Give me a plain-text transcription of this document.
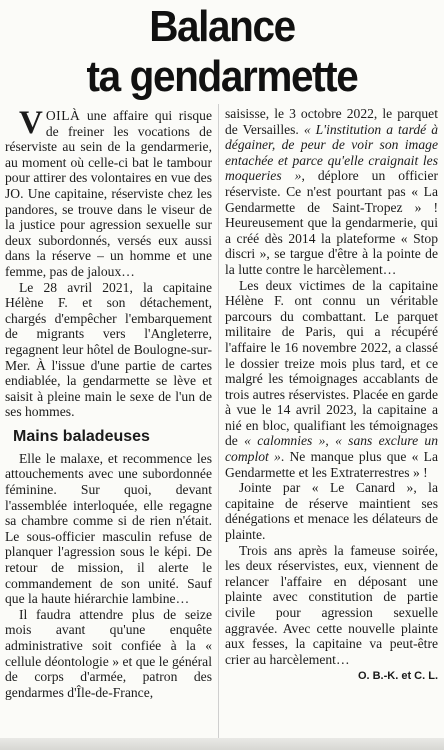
Balance
ta gendarmette

VOILÀ une affaire qui risque de freiner les vocations de réserviste au sein de la gendarmerie, au moment où celle-ci bat le tambour pour attirer des volontaires en vue des JO. Une capitaine, réserviste chez les pandores, se trouve dans le viseur de la justice pour agression sexuelle sur deux subordonnés, versés eux aussi dans la réserve – un homme et une femme, pas de jaloux…

Le 28 avril 2021, la capitaine Hélène F. et son détachement, chargés d'empêcher l'embarquement de migrants vers l'Angleterre, regagnent leur hôtel de Boulogne-sur-Mer. À l'issue d'une partie de cartes endiablée, la gendarmette se lève et saisit à pleine main le sexe de l'un de ses hommes.

Mains baladeuses

Elle le malaxe, et recommence les attouchements avec une subordonnée féminine. Sur quoi, devant l'assemblée interloquée, elle regagne sa chambre comme si de rien n'était. Le sous-officier masculin refuse de planquer l'agression sous le képi. De retour de mission, il alerte le commandement de son unité. Sauf que la haute hiérarchie lambine…

Il faudra attendre plus de seize mois avant qu'une enquête administrative soit confiée à la « cellule déontologie » et que le général de corps d'armée, patron des gendarmes d'Île-de-France,

saisisse, le 3 octobre 2022, le parquet de Versailles. « L'institution a tardé à dégainer, de peur de voir son image entachée et parce qu'elle craignait les moqueries », déplore un officier réserviste. Ce n'est pourtant pas « La Gendarmette de Saint-Tropez » ! Heureusement que la gendarmerie, qui a créé dès 2014 la plateforme « Stop discri », se targue d'être à la pointe de la lutte contre le harcèlement…

Les deux victimes de la capitaine Hélène F. ont connu un véritable parcours du combattant. Le parquet militaire de Paris, qui a récupéré l'affaire le 16 novembre 2022, a classé le dossier treize mois plus tard, et ce malgré les témoignages accablants de trois autres réservistes. Placée en garde à vue le 14 avril 2023, la capitaine a nié en bloc, qualifiant les témoignages de « calomnies », « sans exclure un complot ». Ne manque plus que « La Gendarmette et les Extraterrestres » !

Jointe par « Le Canard », la capitaine de réserve maintient ses dénégations et menace les délateurs de plainte.

Trois ans après la fameuse soirée, les deux réservistes, eux, viennent de relancer l'affaire en déposant une plainte avec constitution de partie civile pour agression sexuelle aggravée. Avec cette nouvelle plainte aux fesses, la capitaine va peut-être crier au harcèlement…

O. B.-K. et C. L.
